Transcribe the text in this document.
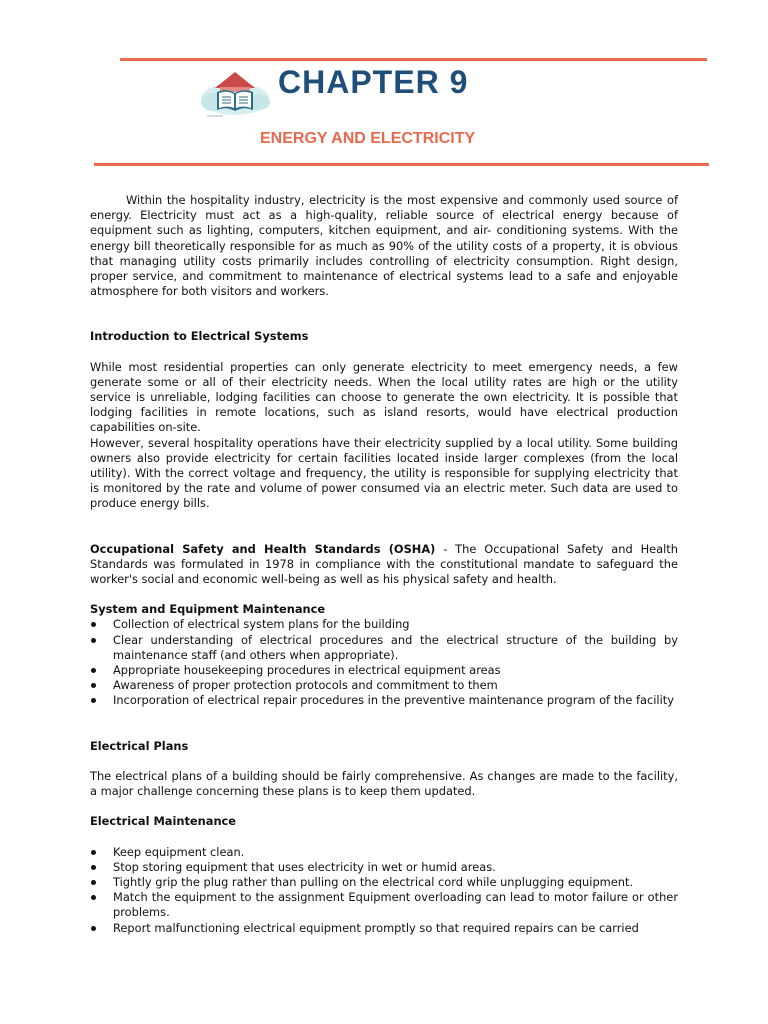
CHAPTER 9
ENERGY AND ELECTRICITY

Within the hospitality industry, electricity is the most expensive and commonly used source of energy. Electricity must act as a high-quality, reliable source of electrical energy because of equipment such as lighting, computers, kitchen equipment, and air- conditioning systems. With the energy bill theoretically responsible for as much as 90% of the utility costs of a property, it is obvious that managing utility costs primarily includes controlling of electricity consumption. Right design, proper service, and commitment to maintenance of electrical systems lead to a safe and enjoyable atmosphere for both visitors and workers.

Introduction to Electrical Systems

While most residential properties can only generate electricity to meet emergency needs, a few generate some or all of their electricity needs. When the local utility rates are high or the utility service is unreliable, lodging facilities can choose to generate the own electricity. It is possible that lodging facilities in remote locations, such as island resorts, would have electrical production capabilities on-site.

However, several hospitality operations have their electricity supplied by a local utility. Some building owners also provide electricity for certain facilities located inside larger complexes (from the local utility). With the correct voltage and frequency, the utility is responsible for supplying electricity that is monitored by the rate and volume of power consumed via an electric meter. Such data are used to produce energy bills.

Occupational Safety and Health Standards (OSHA) - The Occupational Safety and Health Standards was formulated in 1978 in compliance with the constitutional mandate to safeguard the worker's social and economic well-being as well as his physical safety and health.

System and Equipment Maintenance

Collection of electrical system plans for the building
Clear understanding of electrical procedures and the electrical structure of the building by maintenance staff (and others when appropriate).
Appropriate housekeeping procedures in electrical equipment areas
Awareness of proper protection protocols and commitment to them
Incorporation of electrical repair procedures in the preventive maintenance program of the facility

Electrical Plans

The electrical plans of a building should be fairly comprehensive. As changes are made to the facility, a major challenge concerning these plans is to keep them updated.

Electrical Maintenance

Keep equipment clean.
Stop storing equipment that uses electricity in wet or humid areas.
Tightly grip the plug rather than pulling on the electrical cord while unplugging equipment.
Match the equipment to the assignment Equipment overloading can lead to motor failure or other problems.
Report malfunctioning electrical equipment promptly so that required repairs can be carried
